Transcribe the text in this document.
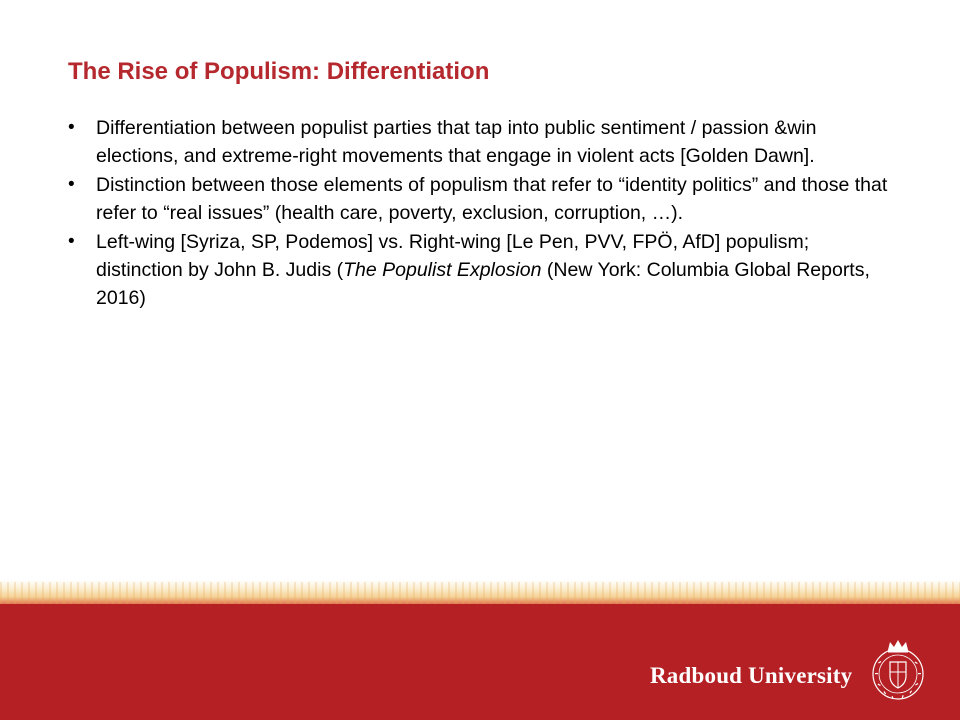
The Rise of Populism: Differentiation
• Differentiation between populist parties that tap into public sentiment / passion &win elections, and extreme-right movements that engage in violent acts [Golden Dawn].
• Distinction between those elements of populism that refer to “identity politics” and those that refer to “real issues” (health care, poverty, exclusion, corruption, …).
• Left-wing [Syriza, SP, Podemos] vs. Right-wing [Le Pen, PVV, FPÖ, AfD] populism; distinction by John B. Judis (The Populist Explosion (New York: Columbia Global Reports, 2016)
Radboud University
